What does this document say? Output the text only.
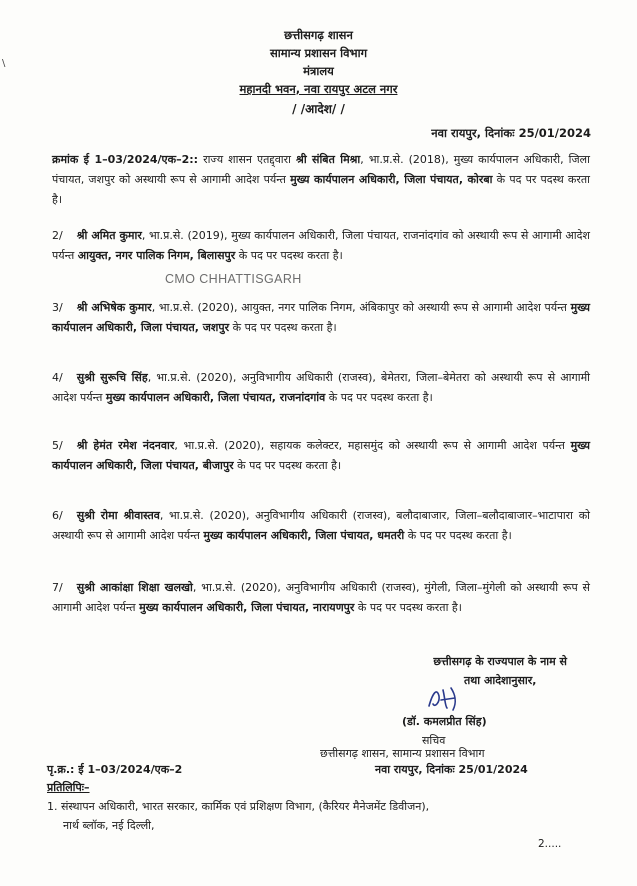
\
छत्तीसगढ़ शासन
सामान्य प्रशासन विभाग
मंत्रालय
महानदी भवन, नवा रायपुर अटल नगर
/ /आदेश/ /
नवा रायपुर, दिनांकः 25/01/2024
क्रमांक ई 1–03/2024/एक–2:: राज्य शासन एतद्द्वारा श्री संबित मिश्रा, भा.प्र.से. (2018), मुख्य कार्यपालन अधिकारी, जिला पंचायत, जशपुर को अस्थायी रूप से आगामी आदेश पर्यन्त मुख्य कार्यपालन अधिकारी, जिला पंचायत, कोरबा के पद पर पदस्थ करता है।
2/ श्री अमित कुमार, भा.प्र.से. (2019), मुख्य कार्यपालन अधिकारी, जिला पंचायत, राजनांदगांव को अस्थायी रूप से आगामी आदेश पर्यन्त आयुक्त, नगर पालिक निगम, बिलासपुर के पद पर पदस्थ करता है।
CMO CHHATTISGARH
3/ श्री अभिषेक कुमार, भा.प्र.से. (2020), आयुक्त, नगर पालिक निगम, अंबिकापुर को अस्थायी रूप से आगामी आदेश पर्यन्त मुख्य कार्यपालन अधिकारी, जिला पंचायत, जशपुर के पद पर पदस्थ करता है।
4/ सुश्री सुरूचि सिंह, भा.प्र.से. (2020), अनुविभागीय अधिकारी (राजस्व), बेमेतरा, जिला–बेमेतरा को अस्थायी रूप से आगामी आदेश पर्यन्त मुख्य कार्यपालन अधिकारी, जिला पंचायत, राजनांदगांव के पद पर पदस्थ करता है।
5/ श्री हेमंत रमेश नंदनवार, भा.प्र.से. (2020), सहायक कलेक्टर, महासमुंद को अस्थायी रूप से आगामी आदेश पर्यन्त मुख्य कार्यपालन अधिकारी, जिला पंचायत, बीजापुर के पद पर पदस्थ करता है।
6/ सुश्री रोमा श्रीवास्तव, भा.प्र.से. (2020), अनुविभागीय अधिकारी (राजस्व), बलौदाबाजार, जिला–बलौदाबाजार–भाटापारा को अस्थायी रूप से आगामी आदेश पर्यन्त मुख्य कार्यपालन अधिकारी, जिला पंचायत, धमतरी के पद पर पदस्थ करता है।
7/ सुश्री आकांक्षा शिक्षा खलखो, भा.प्र.से. (2020), अनुविभागीय अधिकारी (राजस्व), मुंगेली, जिला–मुंगेली को अस्थायी रूप से आगामी आदेश पर्यन्त मुख्य कार्यपालन अधिकारी, जिला पंचायत, नारायणपुर के पद पर पदस्थ करता है।
छत्तीसगढ़ के राज्यपाल के नाम से
तथा आदेशानुसार,
(डॉ. कमलप्रीत सिंह)
सचिव
छत्तीसगढ़ शासन, सामान्य प्रशासन विभाग
नवा रायपुर, दिनांकः 25/01/2024
पृ.क्र.: ई 1–03/2024/एक–2
प्रतिलिपिः–
1. संस्थापन अधिकारी, भारत सरकार, कार्मिक एवं प्रशिक्षण विभाग, (कैरियर मैनेजमेंट डिवीजन),
नार्थ ब्लॉक, नई दिल्ली,
2.....
